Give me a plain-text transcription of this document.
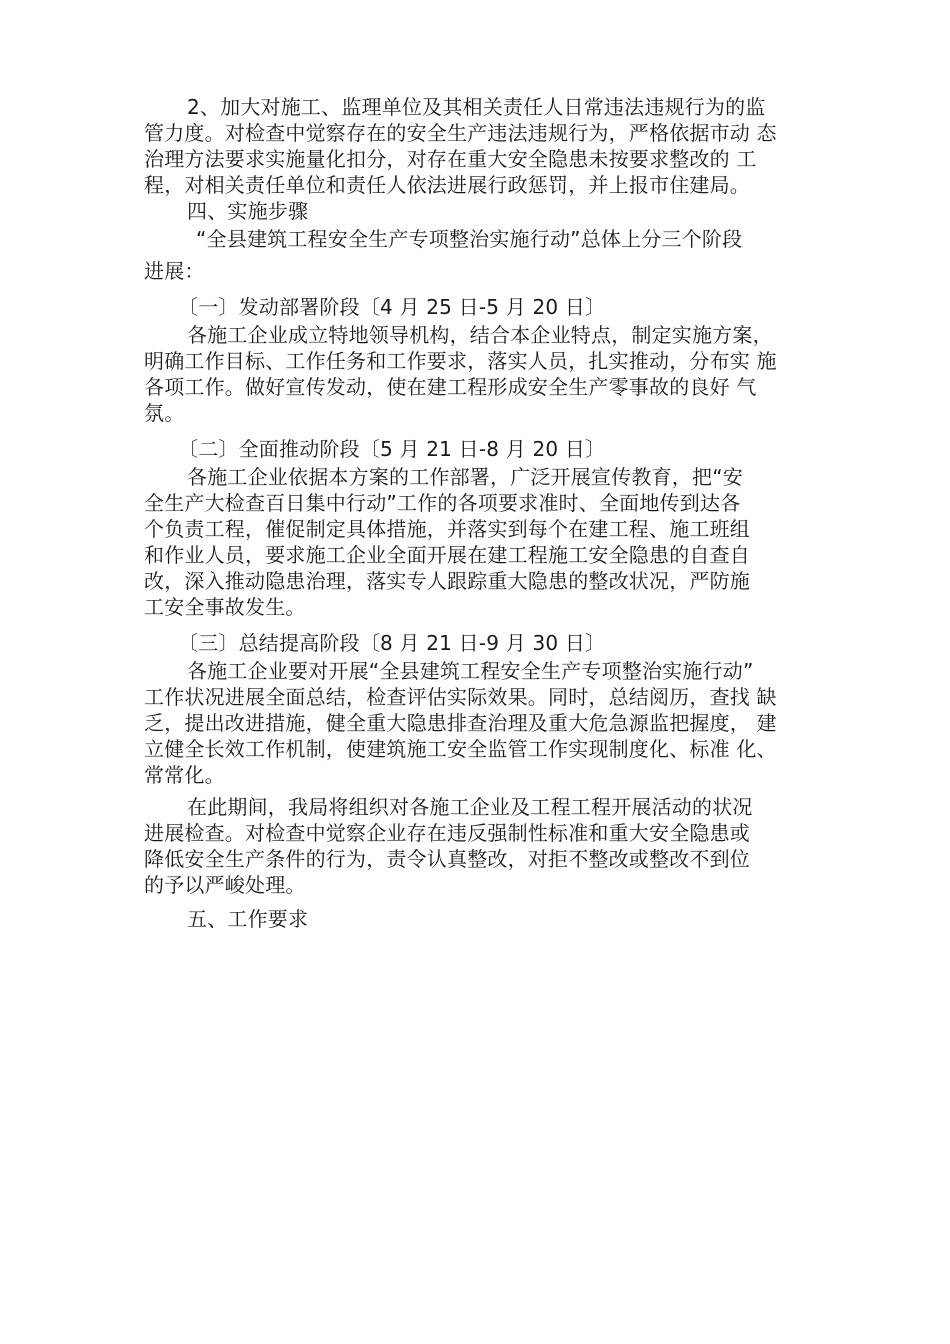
2、加大对施工、监理单位及其相关责任人日常违法违规行为的监
管力度。对检查中觉察存在的安全生产违法违规行为，严格依据市动 态
治理方法要求实施量化扣分，对存在重大安全隐患未按要求整改的 工
程，对相关责任单位和责任人依法进展行政惩罚，并上报市住建局。
四、实施步骤
“全县建筑工程安全生产专项整治实施行动”总体上分三个阶段
进展：
〔一〕发动部署阶段〔4 月 25 日-5 月 20 日〕
各施工企业成立特地领导机构，结合本企业特点，制定实施方案，
明确工作目标、工作任务和工作要求，落实人员，扎实推动，分布实 施
各项工作。做好宣传发动，使在建工程形成安全生产零事故的良好 气
氛。
〔二〕全面推动阶段〔5 月 21 日-8 月 20 日〕
各施工企业依据本方案的工作部署，广泛开展宣传教育，把“安
全生产大检查百日集中行动”工作的各项要求准时、全面地传到达各
个负责工程，催促制定具体措施，并落实到每个在建工程、施工班组
和作业人员，要求施工企业全面开展在建工程施工安全隐患的自查自
改，深入推动隐患治理，落实专人跟踪重大隐患的整改状况，严防施
工安全事故发生。
〔三〕总结提高阶段〔8 月 21 日-9 月 30 日〕
各施工企业要对开展“全县建筑工程安全生产专项整治实施行动”
工作状况进展全面总结，检查评估实际效果。同时，总结阅历，查找 缺
乏，提出改进措施，健全重大隐患排查治理及重大危急源监把握度， 建
立健全长效工作机制，使建筑施工安全监管工作实现制度化、标准 化、
常常化。
在此期间，我局将组织对各施工企业及工程工程开展活动的状况
进展检查。对检查中觉察企业存在违反强制性标准和重大安全隐患或
降低安全生产条件的行为，责令认真整改，对拒不整改或整改不到位
的予以严峻处理。
五、工作要求
